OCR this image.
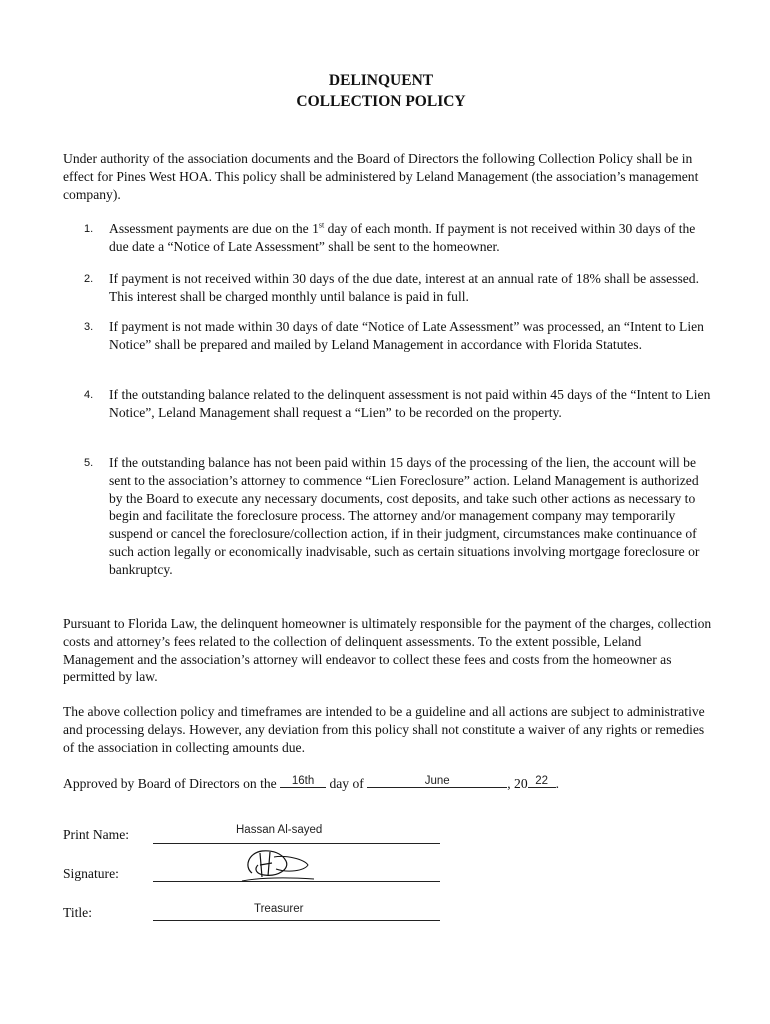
DELINQUENT
COLLECTION POLICY
Under authority of the association documents and the Board of Directors the following Collection Policy shall be in effect for Pines West HOA. This policy shall be administered by Leland Management (the association’s management company).
1. Assessment payments are due on the 1st day of each month. If payment is not received within 30 days of the due date a “Notice of Late Assessment” shall be sent to the homeowner.
2. If payment is not received within 30 days of the due date, interest at an annual rate of 18% shall be assessed. This interest shall be charged monthly until balance is paid in full.
3. If payment is not made within 30 days of date “Notice of Late Assessment” was processed, an “Intent to Lien Notice” shall be prepared and mailed by Leland Management in accordance with Florida Statutes.
4. If the outstanding balance related to the delinquent assessment is not paid within 45 days of the “Intent to Lien Notice”, Leland Management shall request a “Lien” to be recorded on the property.
5. If the outstanding balance has not been paid within 15 days of the processing of the lien, the account will be sent to the association’s attorney to commence “Lien Foreclosure” action. Leland Management is authorized by the Board to execute any necessary documents, cost deposits, and take such other actions as necessary to begin and facilitate the foreclosure process. The attorney and/or management company may temporarily suspend or cancel the foreclosure/collection action, if in their judgment, circumstances make continuance of such action legally or economically inadvisable, such as certain situations involving mortgage foreclosure or bankruptcy.
Pursuant to Florida Law, the delinquent homeowner is ultimately responsible for the payment of the charges, collection costs and attorney’s fees related to the collection of delinquent assessments. To the extent possible, Leland Management and the association’s attorney will endeavor to collect these fees and costs from the homeowner as permitted by law.
The above collection policy and timeframes are intended to be a guideline and all actions are subject to administrative and processing delays. However, any deviation from this policy shall not constitute a waiver of any rights or remedies of the association in collecting amounts due.
Approved by Board of Directors on the	16th day of	June	, 20 22 .
Print Name:	Hassan Al-sayed
Signature:
Title:	Treasurer
